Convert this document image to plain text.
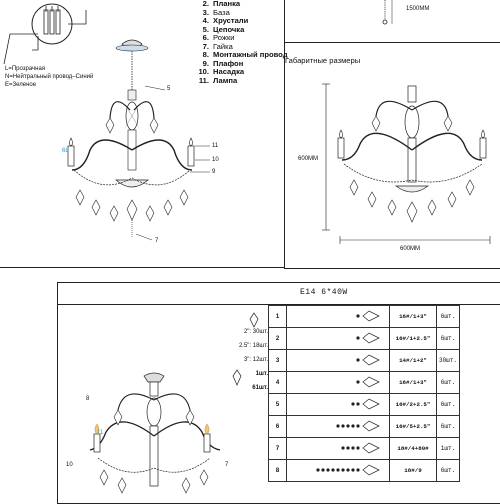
L=Прозрачная
N=Нейтральный провод–Синий
E=Зеленое
6L
5
11
10
9
7
2. Планка
3. База
4. Хрустали
5. Цепочка
6. Рожки
7. Гайка
8. Монтажный провод
9. Плафон
10. Насадка
11. Лампа
1500ММ
Габаритные размеры
600ММ
600ММ
E14 6*40W
2": 30шт.
2.5": 18шт.
3": 12шт.
1шт.
61шт.
8
11
10	7
1		16#/1+3"	6шт.
2		16#/1+2.5"	6шт.
3		14#/1+2"	30шт.
4		16#/1+3"	6шт.
5		16#/2+2.5"	6шт.
6		16#/5+2.5"	6шт.
7		18#/4+80#	1шт.
8		18#/9	6шт.
